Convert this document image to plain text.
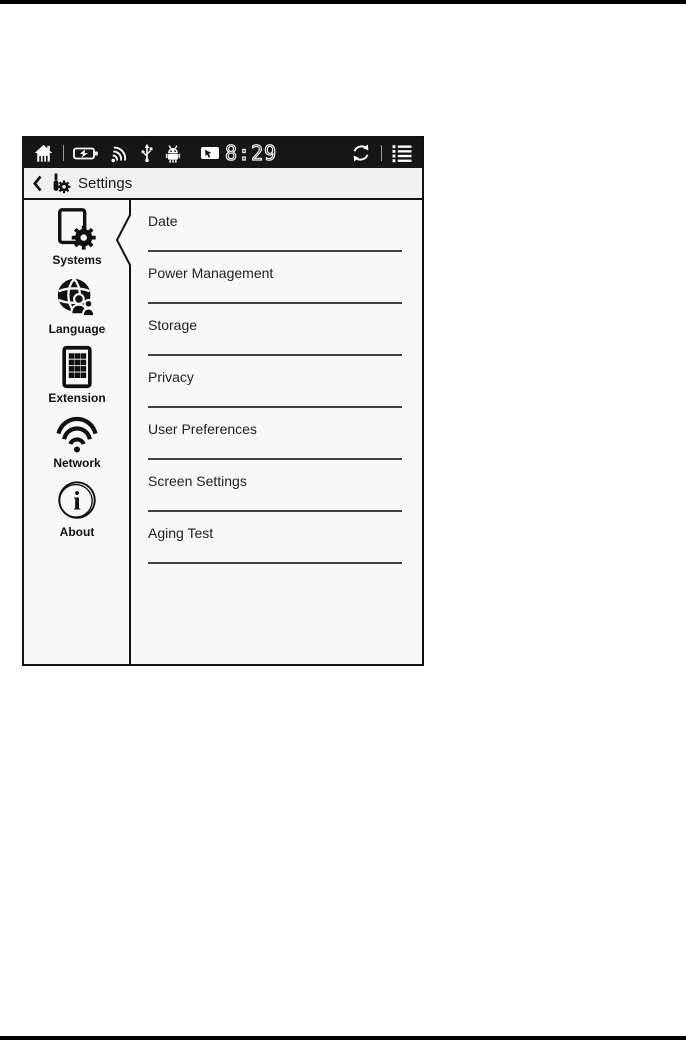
8:29
Settings
Systems
Language
Extension
Network
i
About
Date
Power Management
Storage
Privacy
User Preferences
Screen Settings
Aging Test
